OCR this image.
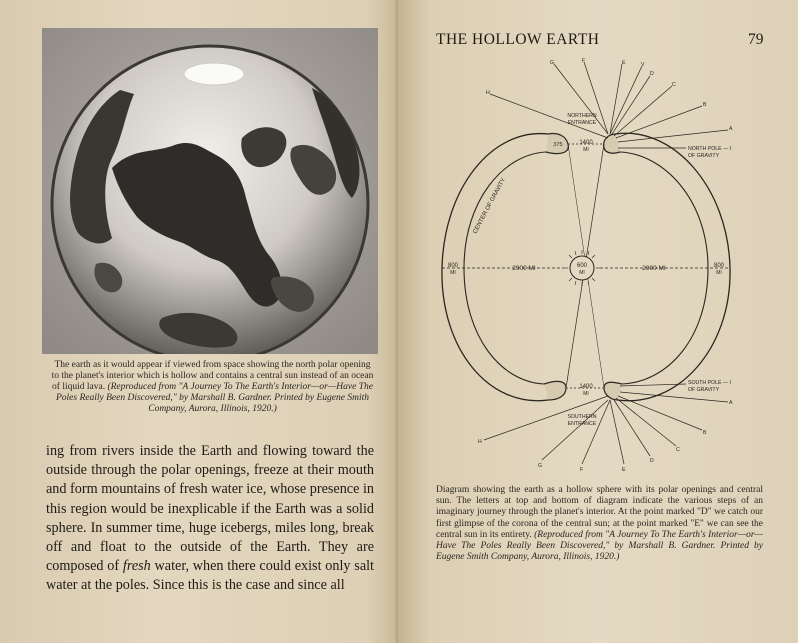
The earth as it would appear if viewed from space showing the north polar opening to the planet's interior which is hollow and contains a central sun instead of an ocean of liquid lava. (Reproduced from "A Journey To The Earth's Interior—or—Have The Poles Really Been Discovered," by Marshall B. Gardner. Printed by Eugene Smith Company, Aurora, Illinois, 1920.)

ing from rivers inside the Earth and flowing toward the outside through the polar openings, freeze at their mouth and form mountains of fresh water ice, whose presence in this region would be inexplicable if the Earth was a solid sphere. In summer time, huge icebergs, miles long, break off and float to the outside of the Earth. They are composed of fresh water, when there could exist only salt water at the poles. Since this is the case and since all

THE HOLLOW EARTH	79
NORTHERN
ENTRANCE
SOUTHERN
ENTRANCE
NORTH POLE — I
OF GRAVITY
SOUTH POLE — I
OF GRAVITY
1400
MI
1400
MI
375
600
MI
2900 MI	2900 MI
800
MI
800
MI
CENTER OF GRAVITY
G	F	E	V
D
C
B
A
H
G
F	E
D
C
B
A
H
Diagram showing the earth as a hollow sphere with its polar openings and central sun. The letters at top and bottom of diagram indicate the various steps of an imaginary journey through the planet's interior. At the point marked "D" we catch our first glimpse of the corona of the central sun; at the point marked "E" we can see the central sun in its entirety. (Reproduced from "A Journey To The Earth's Interior—or—Have The Poles Really Been Discovered," by Marshall B. Gardner. Printed by Eugene Smith Company, Aurora, Illinois, 1920.)
